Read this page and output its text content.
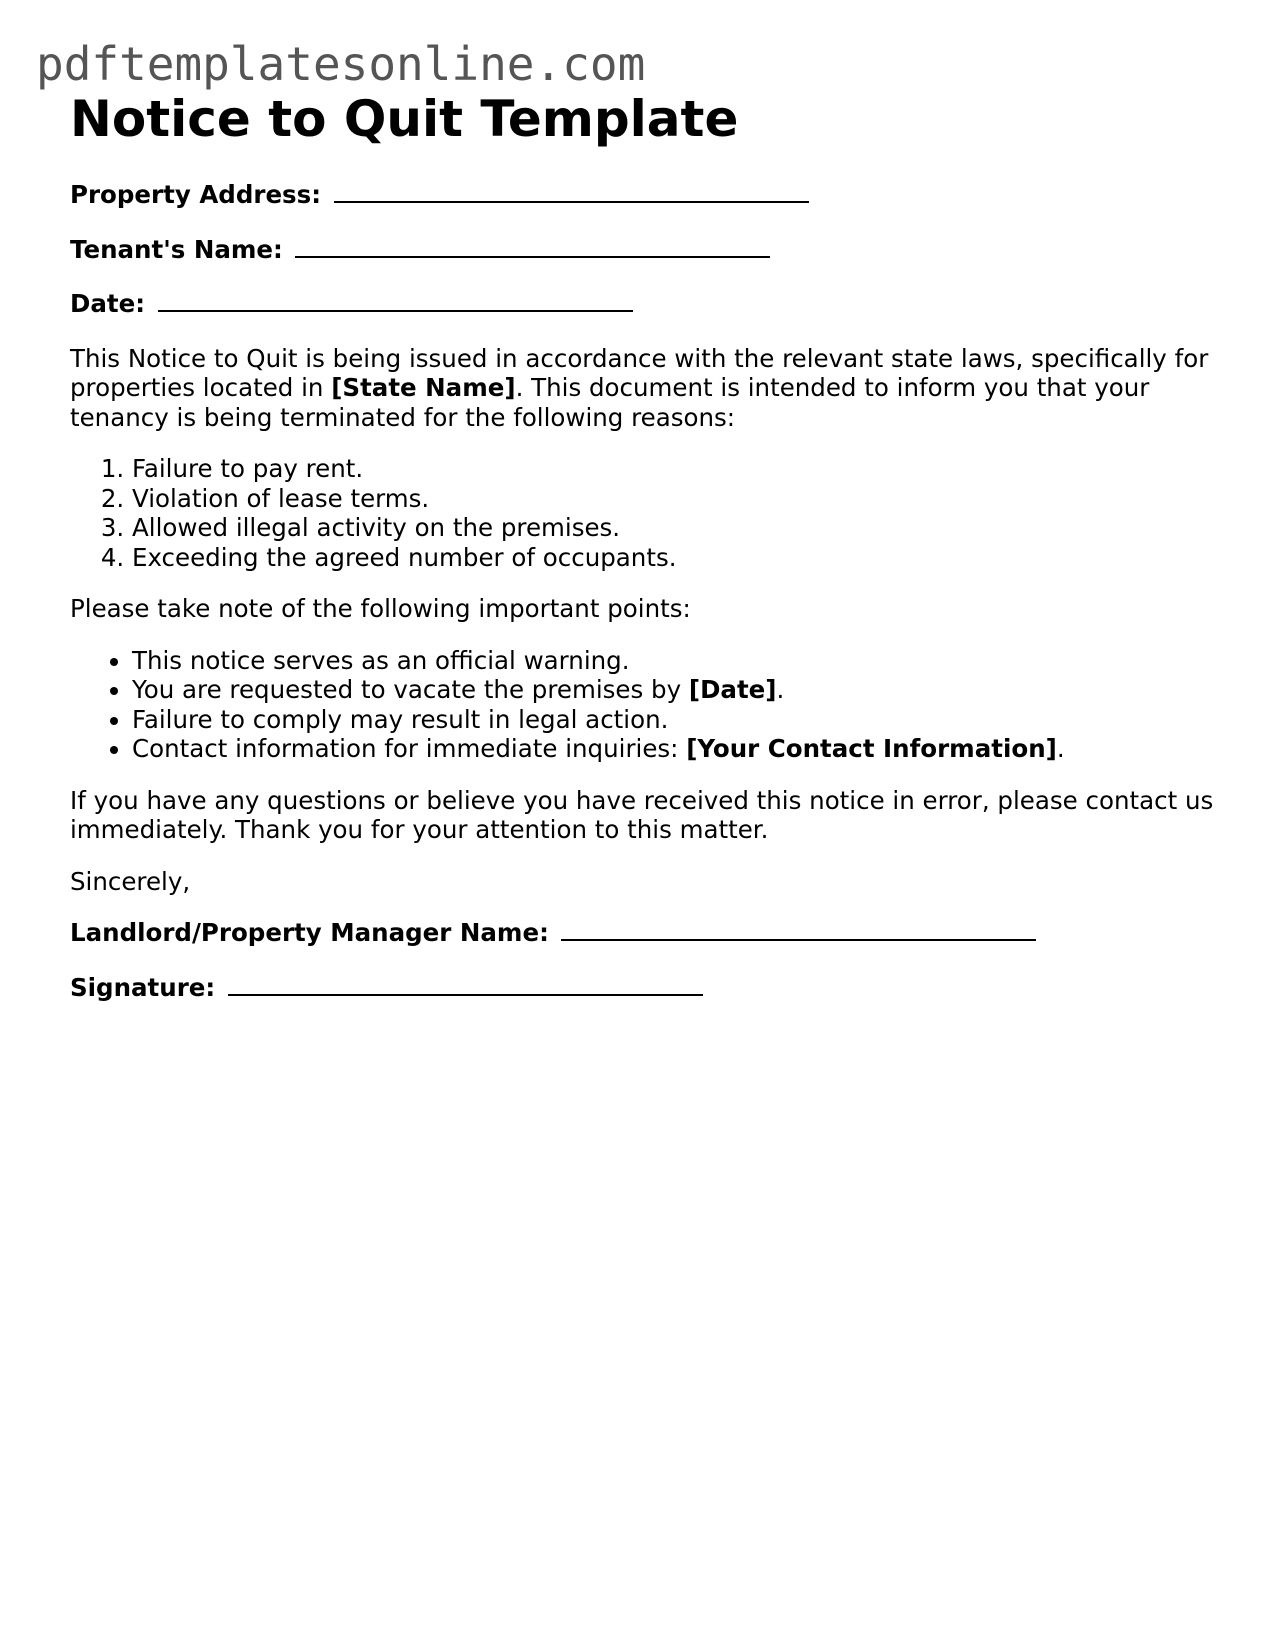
pdftemplatesonline.com
Notice to Quit Template
Property Address:
Tenant's Name:
Date:

This Notice to Quit is being issued in accordance with the relevant state laws, specifically for properties located in [State Name]. This document is intended to inform you that your tenancy is being terminated for the following reasons:

1. Failure to pay rent.
2. Violation of lease terms.
3. Allowed illegal activity on the premises.
4. Exceeding the agreed number of occupants.

Please take note of the following important points:

• This notice serves as an official warning.
• You are requested to vacate the premises by [Date].
• Failure to comply may result in legal action.
• Contact information for immediate inquiries: [Your Contact Information].

If you have any questions or believe you have received this notice in error, please contact us immediately. Thank you for your attention to this matter.

Sincerely,

Landlord/Property Manager Name:
Signature:
